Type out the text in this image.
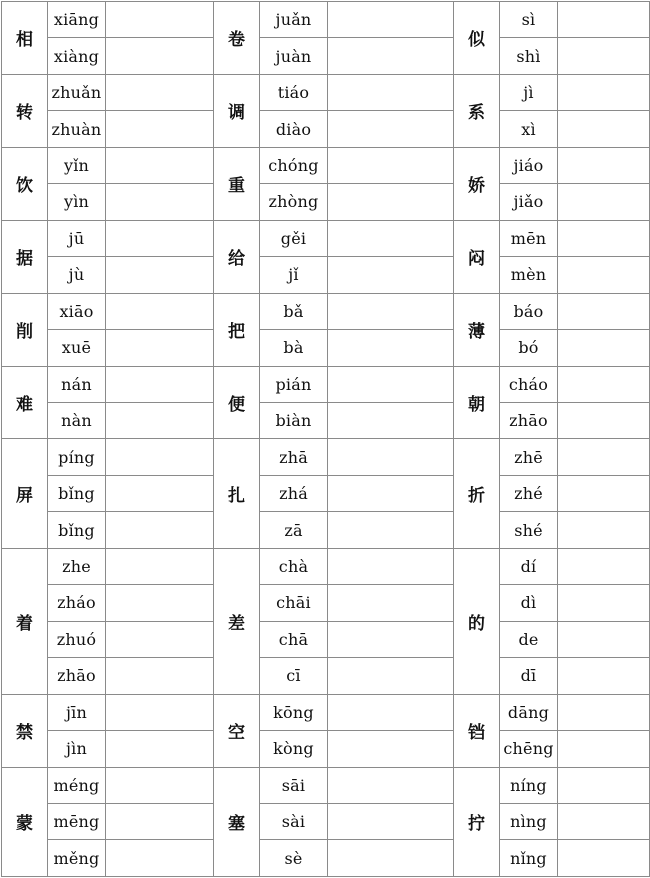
相	xiāng		卷	juǎn		似	sì	
	xiàng			juàn			shì	
转	zhuǎn		调	tiáo		系	jì	
	zhuàn			diào			xì	
饮	yǐn		重	chóng		娇	jiáo	
	yìn			zhòng			jiǎo	
据	jū		给	gěi		闷	mēn	
	jù			jǐ			mèn	
削	xiāo		把	bǎ		薄	báo	
	xuē			bà			bó	
难	nán		便	pián		朝	cháo	
	nàn			biàn			zhāo	
屏	píng		扎	zhā		折	zhē	
	bǐng			zhá			zhé	
	bǐng			zā			shé	
着	zhe		差	chà		的	dí	
	zháo			chāi			dì	
	zhuó			chā			de	
	zhāo			cī			dī	
禁	jīn		空	kōng		铛	dāng	
	jìn			kòng			chēng	
蒙	méng		塞	sāi		拧	níng	
	mēng			sài			nìng	
	měng			sè			nǐng	
